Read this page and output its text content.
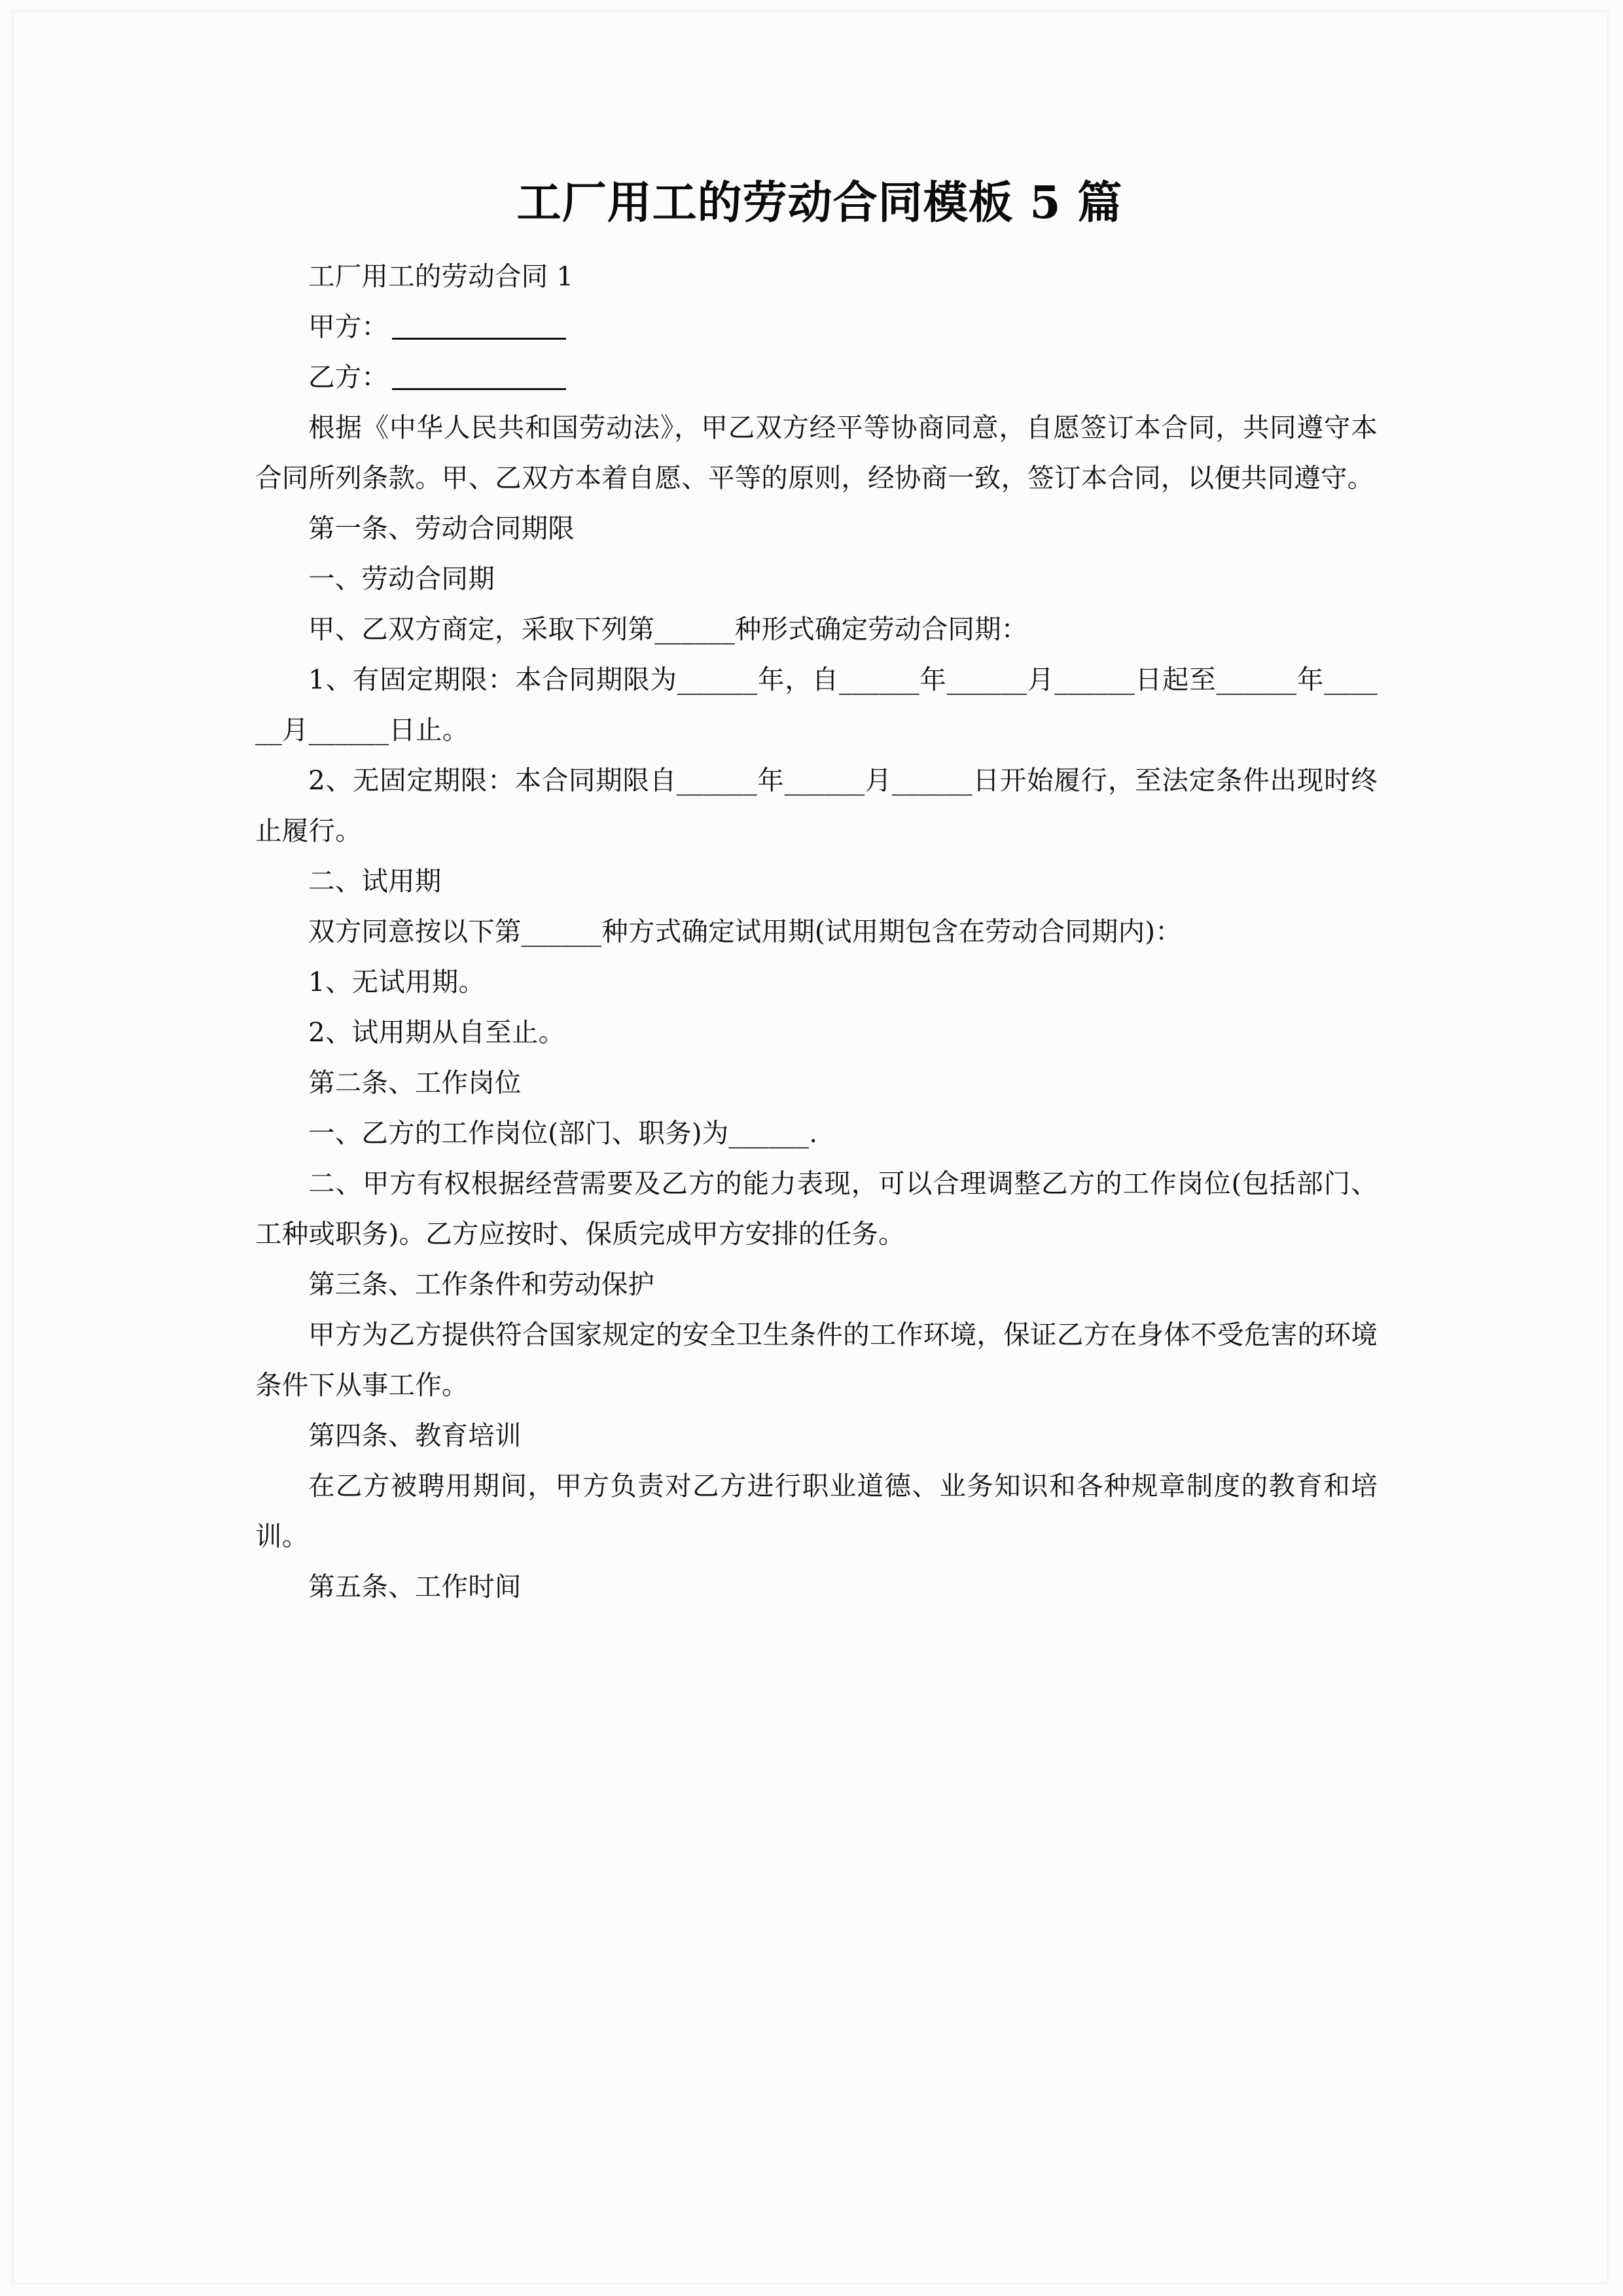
工厂用工的劳动合同模板 5 篇

工厂用工的劳动合同 1

甲方：

乙方：

根据《中华人民共和国劳动法》，甲乙双方经平等协商同意，自愿签订本合同，共同遵守本合同所列条款。甲、乙双方本着自愿、平等的原则，经协商一致，签订本合同，以便共同遵守。

第一条、劳动合同期限

一、劳动合同期

甲、乙双方商定，采取下列第______种形式确定劳动合同期：

1、有固定期限：本合同期限为______年，自______年______月______日起至______年______月______日止。

2、无固定期限：本合同期限自______年______月______日开始履行，至法定条件出现时终止履行。

二、试用期

双方同意按以下第______种方式确定试用期(试用期包含在劳动合同期内)：

1、无试用期。

2、试用期从自至止。

第二条、工作岗位

一、乙方的工作岗位(部门、职务)为______.

二、甲方有权根据经营需要及乙方的能力表现，可以合理调整乙方的工作岗位(包括部门、工种或职务)。乙方应按时、保质完成甲方安排的任务。

第三条、工作条件和劳动保护

甲方为乙方提供符合国家规定的安全卫生条件的工作环境，保证乙方在身体不受危害的环境条件下从事工作。

第四条、教育培训

在乙方被聘用期间，甲方负责对乙方进行职业道德、业务知识和各种规章制度的教育和培训。

第五条、工作时间
